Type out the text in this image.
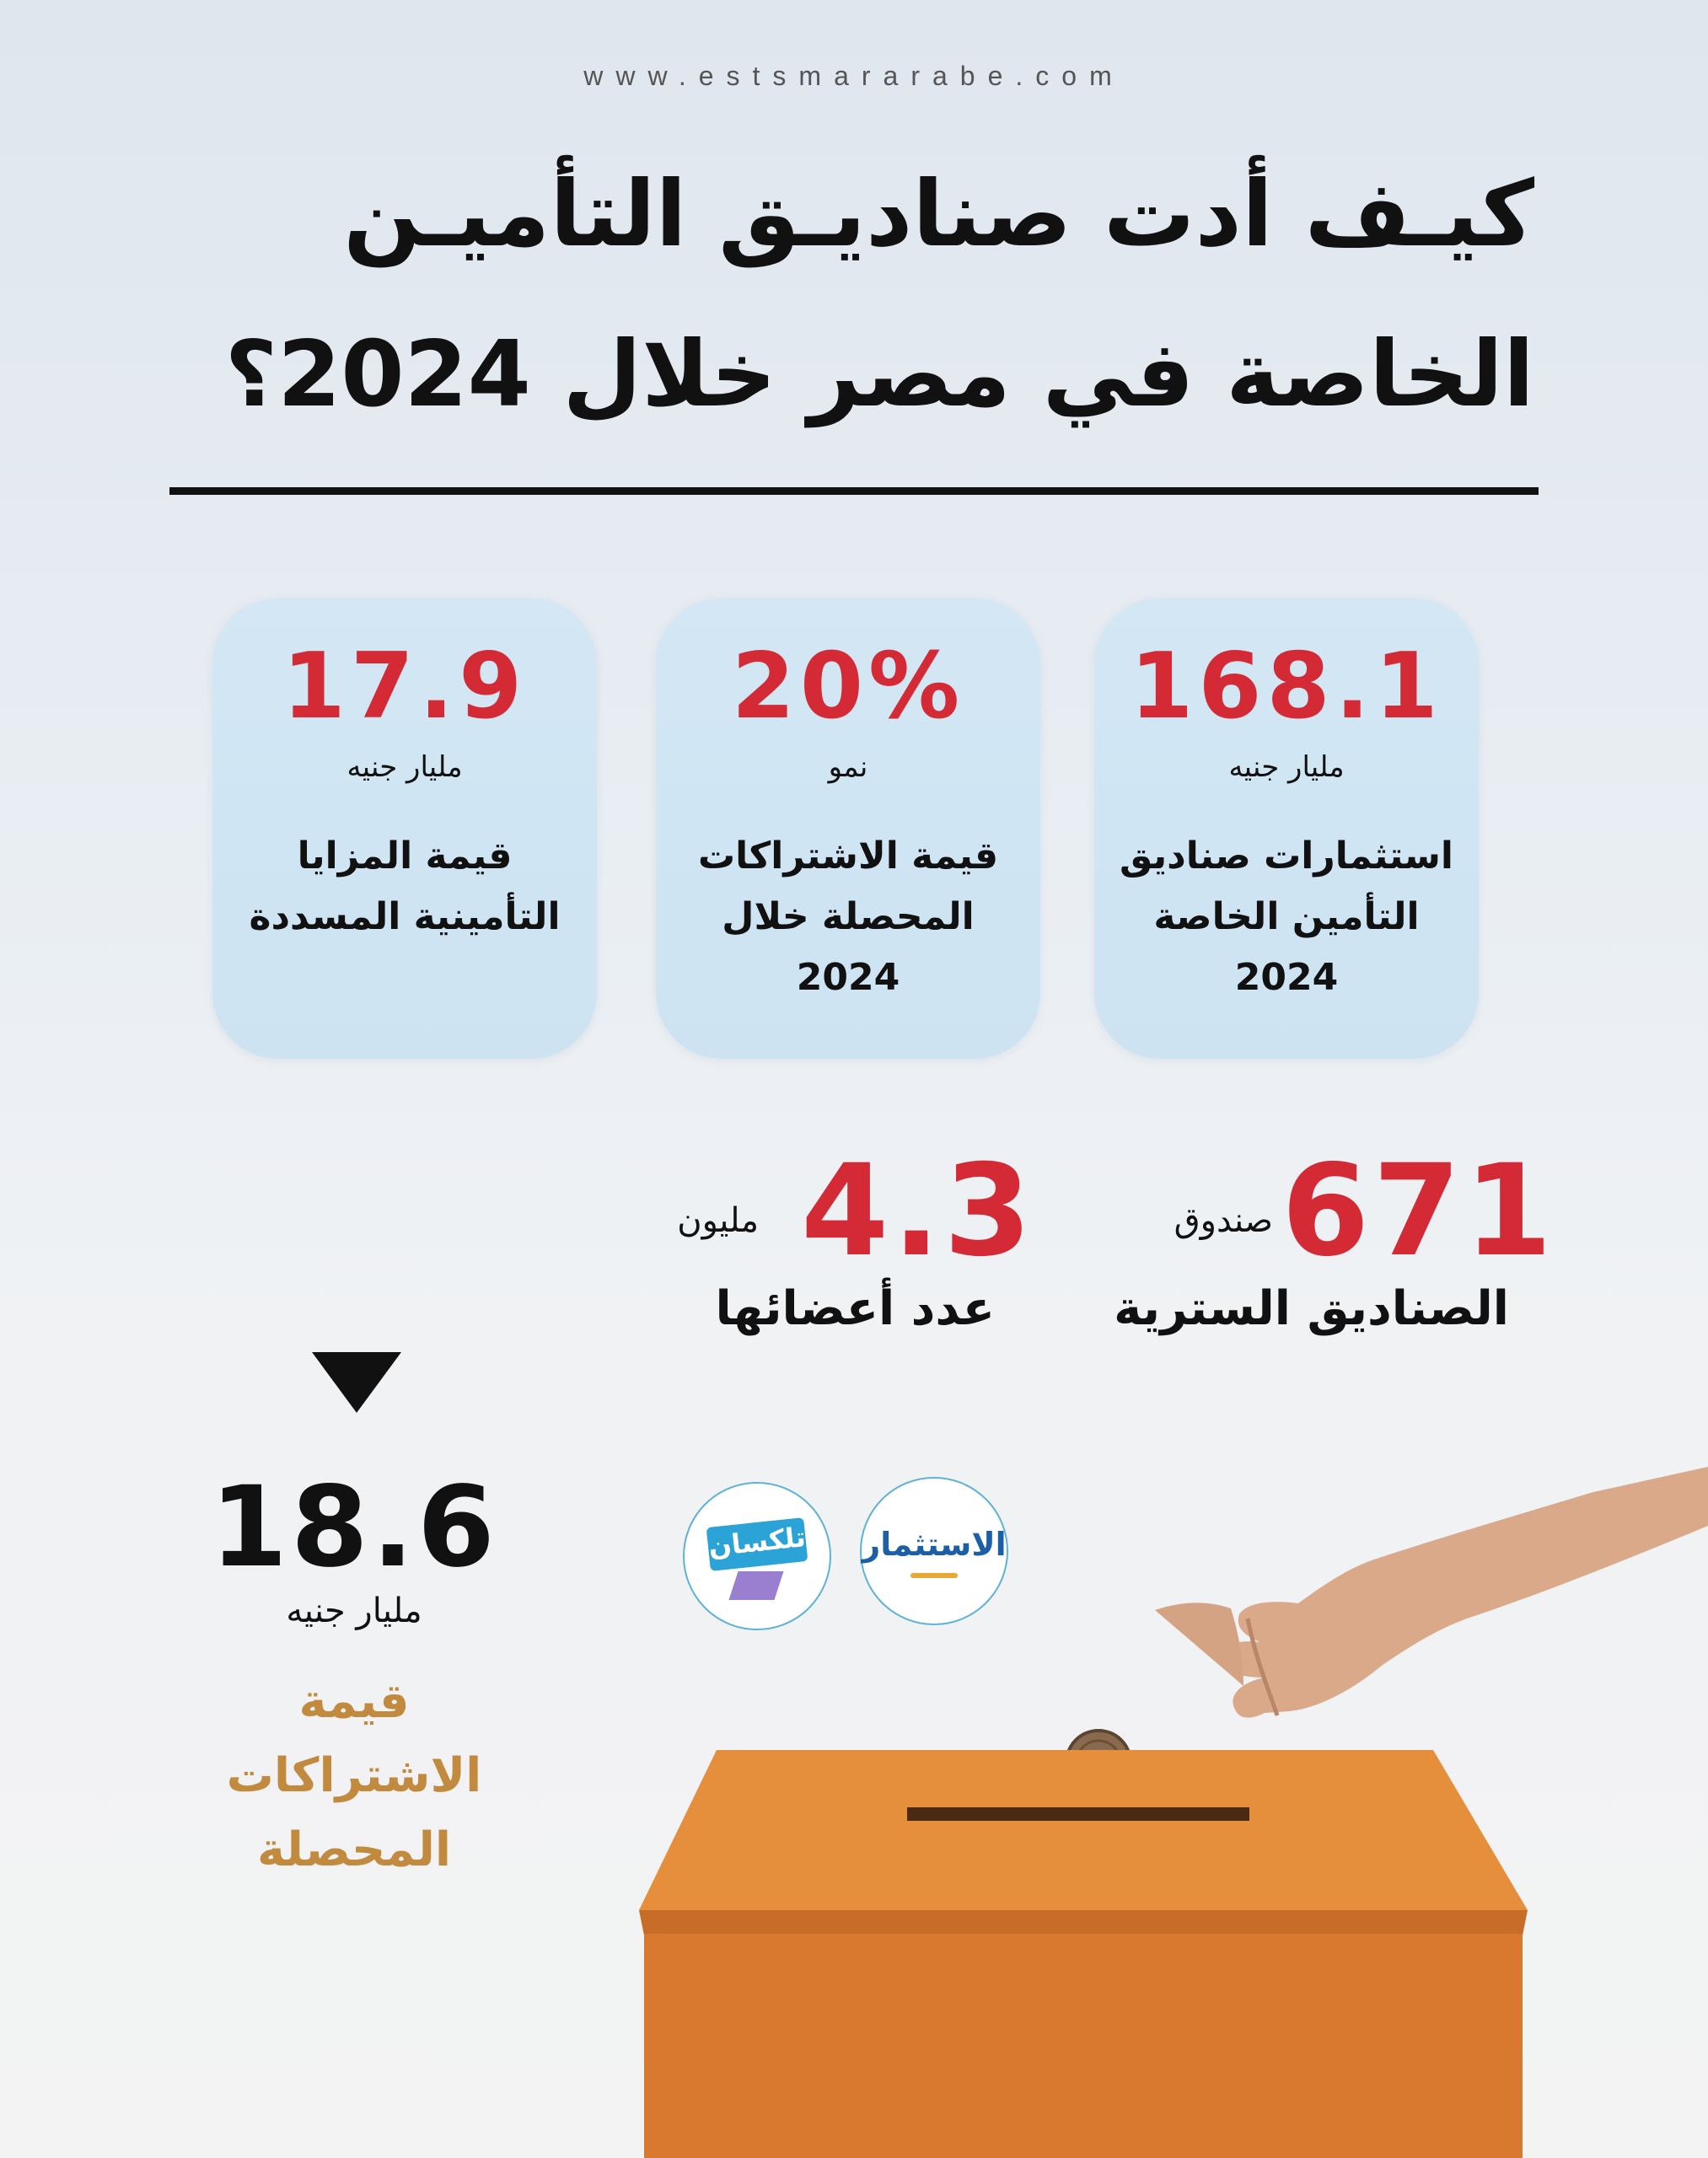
www.estsmararabe.com
كيـف أدت صناديـق التأميـن
الخاصة في مصر خلال 2024؟
168.1
مليار جنيه
استثمارات صناديق التأمين الخاصة 2024
20%
نمو
قيمة الاشتراكات المحصلة خلال 2024
17.9
مليار جنيه
قيمة المزايا التأمينية المسددة
671
صندوق
الصناديق السترية
4.3
مليون
عدد أعضائها
18.6
مليار جنيه
قيمة الاشتراكات المحصلة
الاستثمار
تلكسان
